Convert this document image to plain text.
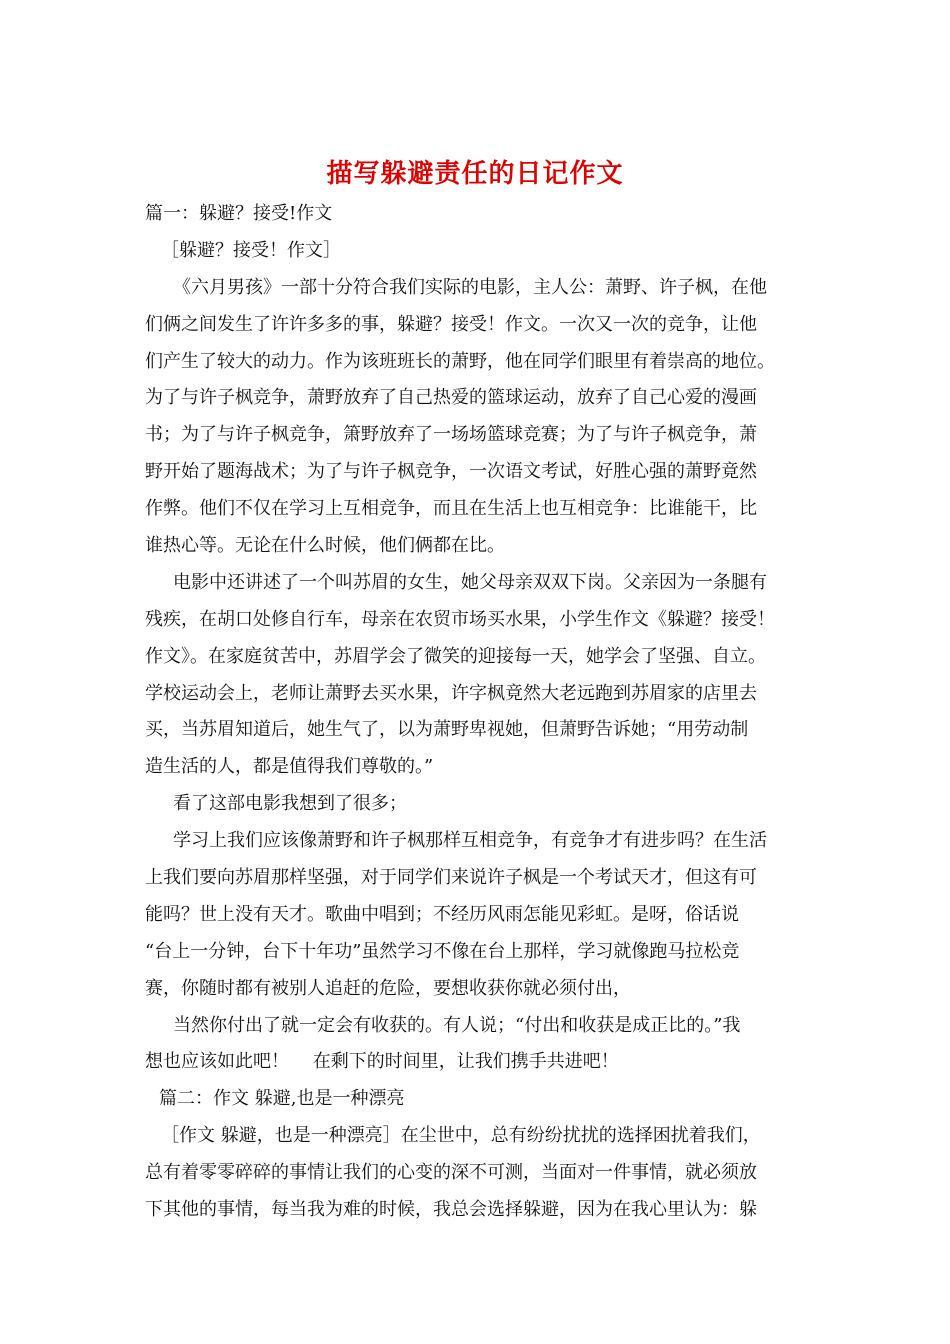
描写躲避责任的日记作文
篇一：躲避？接受!作文
［躲避？接受！作文］
《六月男孩》一部十分符合我们实际的电影，主人公：萧野、许子枫，在他
们俩之间发生了许许多多的事，躲避？接受！作文。一次又一次的竞争，让他
们产生了较大的动力。作为该班班长的萧野，他在同学们眼里有着崇高的地位。
为了与许子枫竞争，萧野放弃了自己热爱的篮球运动，放弃了自己心爱的漫画
书；为了与许子枫竞争，箫野放弃了一场场篮球竞赛；为了与许子枫竞争，萧
野开始了题海战术；为了与许子枫竞争，一次语文考试，好胜心强的萧野竟然
作弊。他们不仅在学习上互相竞争，而且在生活上也互相竞争：比谁能干，比
谁热心等。无论在什么时候，他们俩都在比。
电影中还讲述了一个叫苏眉的女生，她父母亲双双下岗。父亲因为一条腿有
残疾，在胡口处修自行车，母亲在农贸市场买水果，小学生作文《躲避？接受！
作文》。在家庭贫苦中，苏眉学会了微笑的迎接每一天，她学会了坚强、自立。
学校运动会上，老师让萧野去买水果，许字枫竟然大老远跑到苏眉家的店里去
买，当苏眉知道后，她生气了，以为萧野卑视她，但萧野告诉她；“用劳动制
造生活的人，都是值得我们尊敬的。”
看了这部电影我想到了很多；
学习上我们应该像萧野和许子枫那样互相竞争，有竞争才有进步吗？在生活
上我们要向苏眉那样坚强，对于同学们来说许子枫是一个考试天才，但这有可
能吗？世上没有天才。歌曲中唱到；不经历风雨怎能见彩虹。是呀，俗话说
“台上一分钟，台下十年功”虽然学习不像在台上那样，学习就像跑马拉松竞
赛，你随时都有被别人追赶的危险，要想收获你就必须付出，
当然你付出了就一定会有收获的。有人说；“付出和收获是成正比的。”我
想也应该如此吧！　 在剩下的时间里，让我们携手共进吧！
篇二：作文 躲避,也是一种漂亮
［作文 躲避，也是一种漂亮］在尘世中，总有纷纷扰扰的选择困扰着我们，
总有着零零碎碎的事情让我们的心变的深不可测，当面对一件事情，就必须放
下其他的事情，每当我为难的时候，我总会选择躲避，因为在我心里认为：躲
